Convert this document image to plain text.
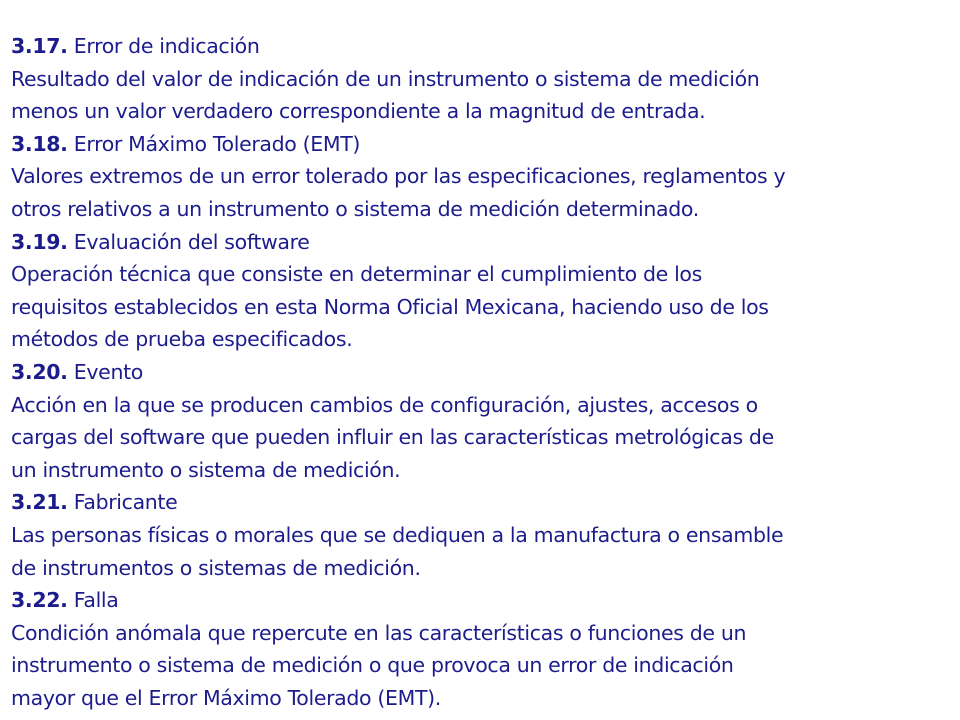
3.17. Error de indicación
Resultado del valor de indicación de un instrumento o sistema de medición
menos un valor verdadero correspondiente a la magnitud de entrada.
3.18. Error Máximo Tolerado (EMT)
Valores extremos de un error tolerado por las especificaciones, reglamentos y
otros relativos a un instrumento o sistema de medición determinado.
3.19. Evaluación del software
Operación técnica que consiste en determinar el cumplimiento de los
requisitos establecidos en esta Norma Oficial Mexicana, haciendo uso de los
métodos de prueba especificados.
3.20. Evento
Acción en la que se producen cambios de configuración, ajustes, accesos o
cargas del software que pueden influir en las características metrológicas de
un instrumento o sistema de medición.
3.21. Fabricante
Las personas físicas o morales que se dediquen a la manufactura o ensamble
de instrumentos o sistemas de medición.
3.22. Falla
Condición anómala que repercute en las características o funciones de un
instrumento o sistema de medición o que provoca un error de indicación
mayor que el Error Máximo Tolerado (EMT).
